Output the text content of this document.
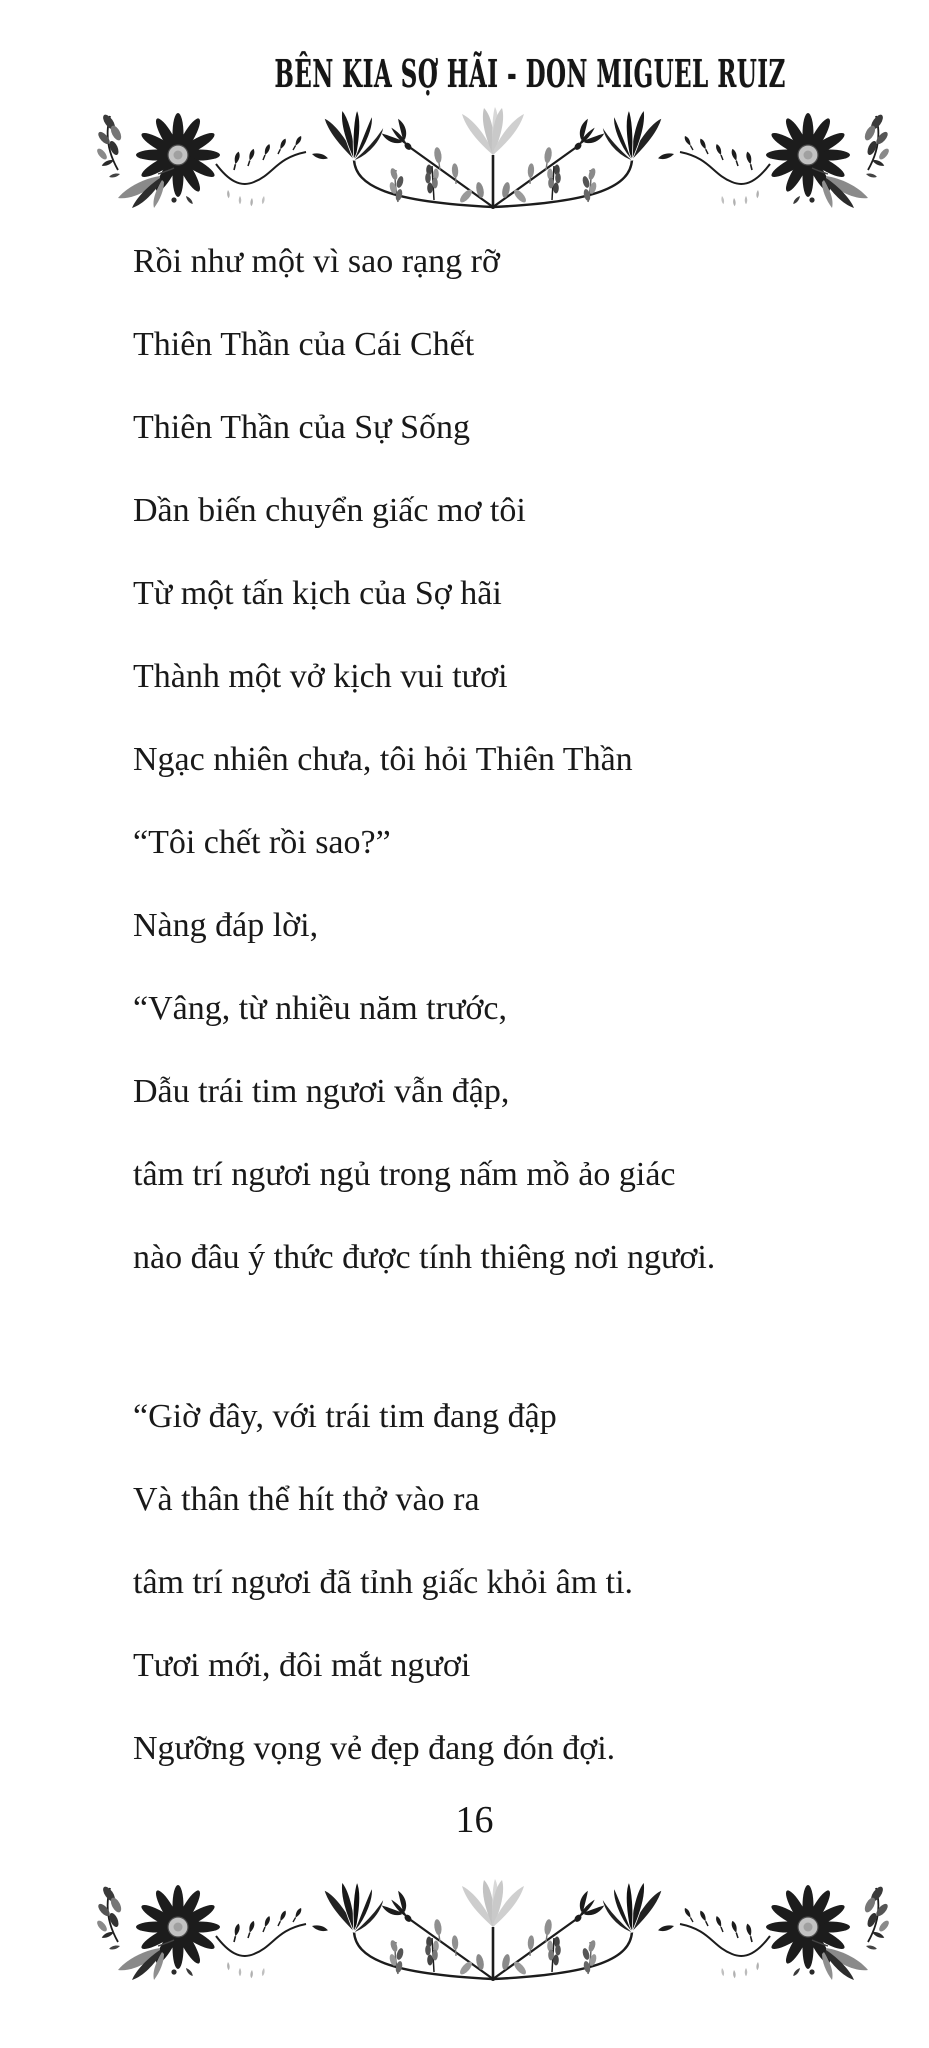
BÊN KIA SỢ HÃI - DON MIGUEL RUIZ
Rồi như một vì sao rạng rỡ
Thiên Thần của Cái Chết
Thiên Thần của Sự Sống
Dần biến chuyển giấc mơ tôi
Từ một tấn kịch của Sợ hãi
Thành một vở kịch vui tươi
Ngạc nhiên chưa, tôi hỏi Thiên Thần
“Tôi chết rồi sao?”
Nàng đáp lời,
“Vâng, từ nhiều năm trước,
Dẫu trái tim ngươi vẫn đập,
tâm trí ngươi ngủ trong nấm mồ ảo giác
nào đâu ý thức được tính thiêng nơi ngươi.
“Giờ đây, với trái tim đang đập
Và thân thể hít thở vào ra
tâm trí ngươi đã tỉnh giấc khỏi âm ti.
Tươi mới, đôi mắt ngươi
Ngưỡng vọng vẻ đẹp đang đón đợi.
16
